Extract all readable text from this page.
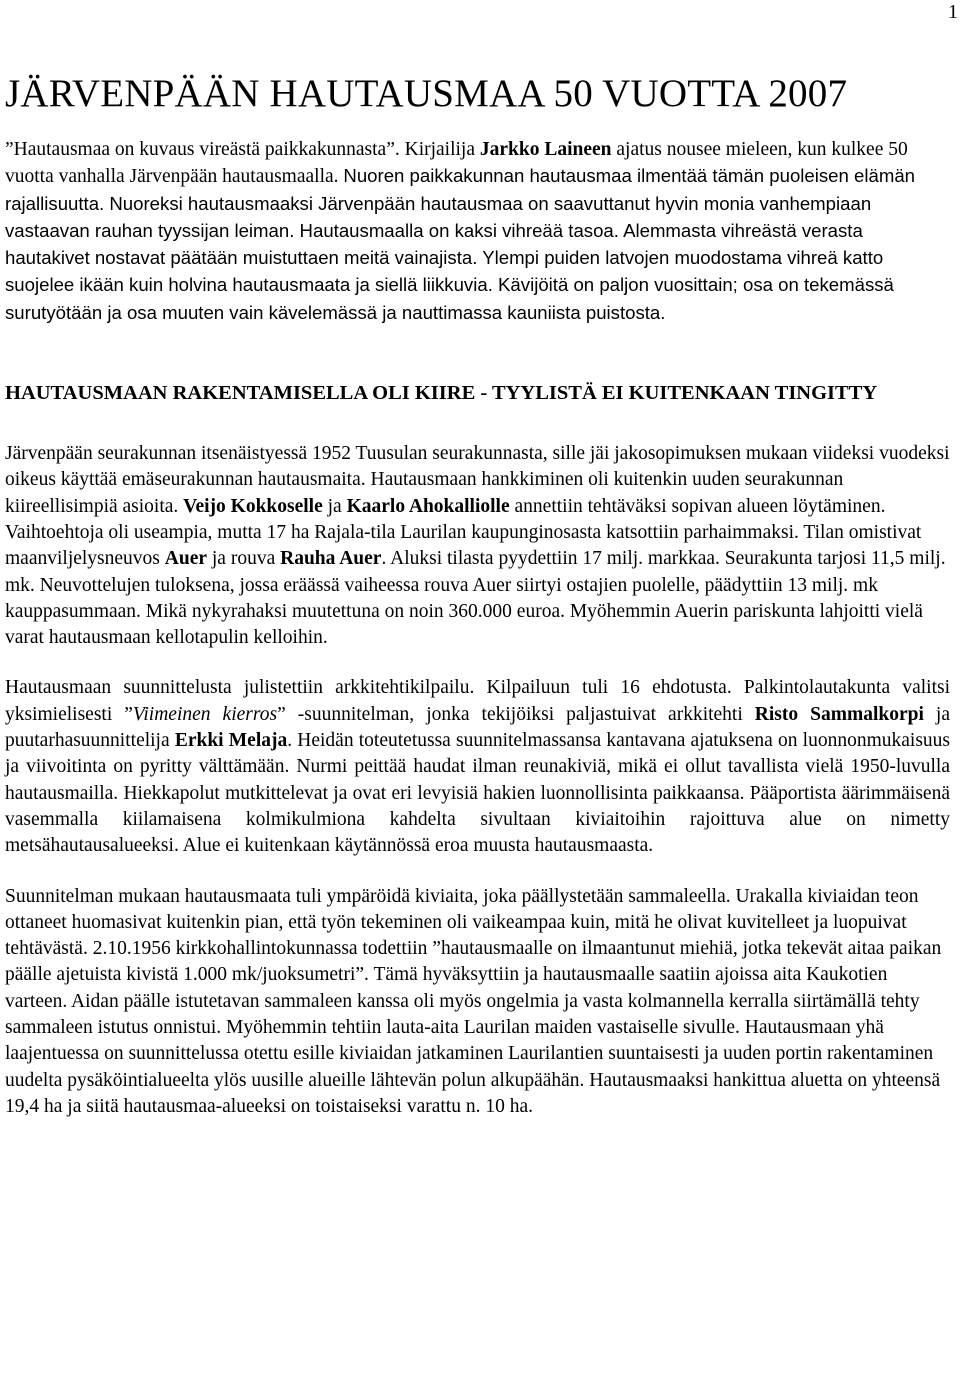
1
JÄRVENPÄÄN HAUTAUSMAA 50 VUOTTA 2007

”Hautausmaa on kuvaus vireästä paikkakunnasta”. Kirjailija Jarkko Laineen ajatus nousee mieleen, kun kulkee 50 vuotta vanhalla Järvenpään hautausmaalla. Nuoren paikkakunnan hautausmaa ilmentää tämän puoleisen elämän rajallisuutta. Nuoreksi hautausmaaksi Järvenpään hautausmaa on saavuttanut hyvin monia vanhempiaan vastaavan rauhan tyyssijan leiman. Hautausmaalla on kaksi vihreää tasoa. Alemmasta vihreästä verasta hautakivet nostavat päätään muistuttaen meitä vainajista. Ylempi puiden latvojen muodostama vihreä katto suojelee ikään kuin holvina hautausmaata ja siellä liikkuvia. Kävijöitä on paljon vuosittain; osa on tekemässä surutyötään ja osa muuten vain kävelemässä ja nauttimassa kauniista puistosta.

HAUTAUSMAAN RAKENTAMISELLA OLI KIIRE - TYYLISTÄ EI KUITENKAAN TINGITTY

Järvenpään seurakunnan itsenäistyessä 1952 Tuusulan seurakunnasta, sille jäi jakosopimuksen mukaan viideksi vuodeksi oikeus käyttää emäseurakunnan hautausmaita. Hautausmaan hankkiminen oli kuitenkin uuden seurakunnan kiireellisimpiä asioita. Veijo Kokkoselle ja Kaarlo Ahokalliolle annettiin tehtäväksi sopivan alueen löytäminen. Vaihtoehtoja oli useampia, mutta 17 ha Rajala-tila Laurilan kaupunginosasta katsottiin parhaimmaksi. Tilan omistivat maanviljelysneuvos Auer ja rouva Rauha Auer. Aluksi tilasta pyydettiin 17 milj. markkaa. Seurakunta tarjosi 11,5 milj. mk. Neuvottelujen tuloksena, jossa eräässä vaiheessa rouva Auer siirtyi ostajien puolelle, päädyttiin 13 milj. mk kauppasummaan. Mikä nykyrahaksi muutettuna on noin 360.000 euroa. Myöhemmin Auerin pariskunta lahjoitti vielä varat hautausmaan kellotapulin kelloihin.

Hautausmaan suunnittelusta julistettiin arkkitehtikilpailu. Kilpailuun tuli 16 ehdotusta. Palkintolautakunta valitsi yksimielisesti ”Viimeinen kierros” -suunnitelman, jonka tekijöiksi paljastuivat arkkitehti Risto Sammalkorpi ja puutarhasuunnittelija Erkki Melaja. Heidän toteutetussa suunnitelmassansa kantavana ajatuksena on luonnonmukaisuus ja viivoitinta on pyritty välttämään. Nurmi peittää haudat ilman reunakiviä, mikä ei ollut tavallista vielä 1950-luvulla hautausmailla. Hiekkapolut mutkittelevat ja ovat eri levyisiä hakien luonnollisinta paikkaansa. Pääportista äärimmäisenä vasemmalla kiilamaisena kolmikulmiona kahdelta sivultaan kiviaitoihin rajoittuva alue on nimetty metsähautausalueeksi. Alue ei kuitenkaan käytännössä eroa muusta hautausmaasta.

Suunnitelman mukaan hautausmaata tuli ympäröidä kiviaita, joka päällystetään sammaleella. Urakalla kiviaidan teon ottaneet huomasivat kuitenkin pian, että työn tekeminen oli vaikeampaa kuin, mitä he olivat kuvitelleet ja luopuivat tehtävästä. 2.10.1956 kirkkohallintokunnassa todettiin ”hautausmaalle on ilmaantunut miehiä, jotka tekevät aitaa paikan päälle ajetuista kivistä 1.000 mk/juoksumetri”. Tämä hyväksyttiin ja hautausmaalle saatiin ajoissa aita Kaukotien varteen. Aidan päälle istutetavan sammaleen kanssa oli myös ongelmia ja vasta kolmannella kerralla siirtämällä tehty sammaleen istutus onnistui. Myöhemmin tehtiin lauta-aita Laurilan maiden vastaiselle sivulle. Hautausmaan yhä laajentuessa on suunnittelussa otettu esille kiviaidan jatkaminen Laurilantien suuntaisesti ja uuden portin rakentaminen uudelta pysäköintialueelta ylös uusille alueille lähtevän polun alkupäähän. Hautausmaaksi hankittua aluetta on yhteensä 19,4 ha ja siitä hautausmaa-alueeksi on toistaiseksi varattu n. 10 ha.
